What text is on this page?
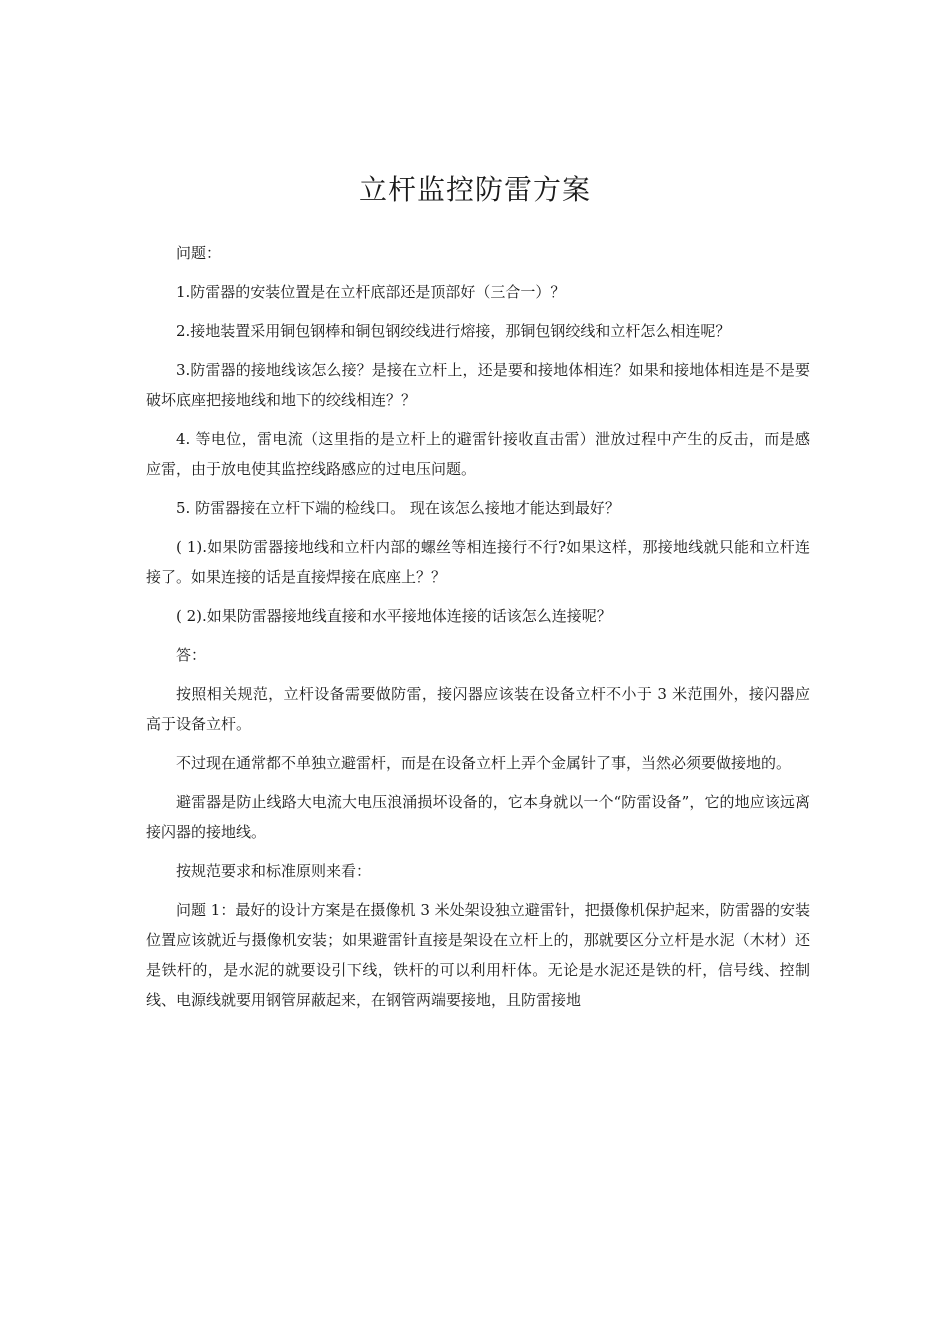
立杆监控防雷方案

问题：

1.防雷器的安装位置是在立杆底部还是顶部好（三合一）？

2.接地装置采用铜包钢棒和铜包钢绞线进行熔接，那铜包钢绞线和立杆怎么相连呢？

3.防雷器的接地线该怎么接？是接在立杆上，还是要和接地体相连？如果和接地体相连是不是要破坏底座把接地线和地下的绞线相连？？

4. 等电位，雷电流（这里指的是立杆上的避雷针接收直击雷）泄放过程中产生的反击，而是感应雷，由于放电使其监控线路感应的过电压问题。

5. 防雷器接在立杆下端的检线口。 现在该怎么接地才能达到最好？

( 1).如果防雷器接地线和立杆内部的螺丝等相连接行不行?如果这样，那接地线就只能和立杆连接了。如果连接的话是直接焊接在底座上？？

( 2).如果防雷器接地线直接和水平接地体连接的话该怎么连接呢？

答：

按照相关规范，立杆设备需要做防雷，接闪器应该装在设备立杆不小于 3 米范围外，接闪器应高于设备立杆。

不过现在通常都不单独立避雷杆，而是在设备立杆上弄个金属针了事，当然必须要做接地的。

避雷器是防止线路大电流大电压浪涌损坏设备的，它本身就以一个“防雷设备”，它的地应该远离接闪器的接地线。

按规范要求和标准原则来看：

问题 1：最好的设计方案是在摄像机 3 米处架设独立避雷针，把摄像机保护起来，防雷器的安装位置应该就近与摄像机安装；如果避雷针直接是架设在立杆上的，那就要区分立杆是水泥（木材）还是铁杆的，是水泥的就要设引下线，铁杆的可以利用杆体。无论是水泥还是铁的杆，信号线、控制线、电源线就要用钢管屏蔽起来，在钢管两端要接地，且防雷接地
